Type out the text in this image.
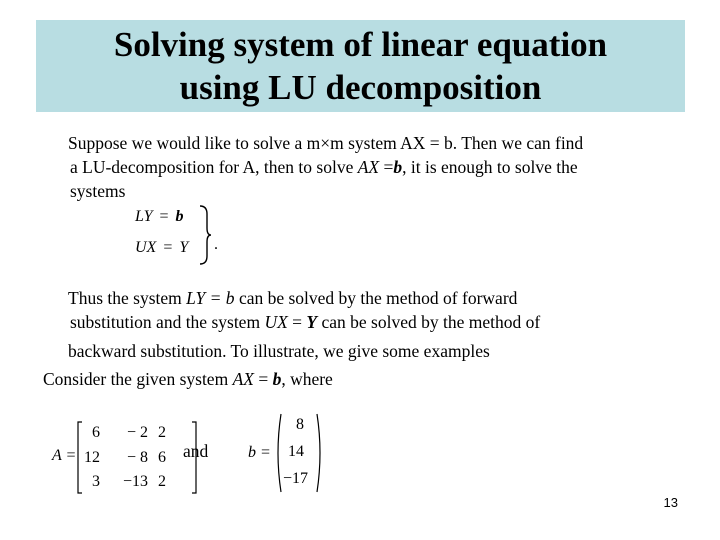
Solving system of linear equation
using LU decomposition
Suppose we would like to solve a m×m system AX = b. Then we can find
a LU-decomposition for A, then to solve AX =b, it is enough to solve the
systems
LY = b
UX = Y .
Thus the system LY = b can be solved by the method of forward
substitution and the system UX = Y can be solved by the method of
backward substitution. To illustrate, we give some examples
Consider the given system AX = b, where
A =
6	− 2 2
12	− 8 6
3	−13 2
and b =
8
14
−17
13
